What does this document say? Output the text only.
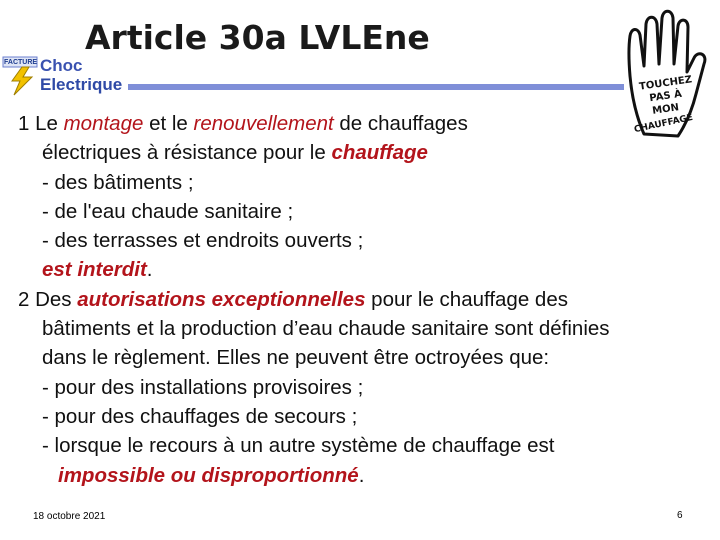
Article 30a LVLEne
FACTURE Choc
Electrique	TOUCHEZ
PAS À
MON
CHAUFFAGE
1 Le montage et le renouvellement de chauffages
électriques à résistance pour le chauffage
- des bâtiments ;
- de l'eau chaude sanitaire ;
- des terrasses et endroits ouverts ;
est interdit.
2 Des autorisations exceptionnelles pour le chauffage des
bâtiments et la production d’eau chaude sanitaire sont définies
dans le règlement. Elles ne peuvent être octroyées que:
- pour des installations provisoires ;
- pour des chauffages de secours ;
- lorsque le recours à un autre système de chauffage est
impossible ou disproportionné.
18 octobre 2021	6
